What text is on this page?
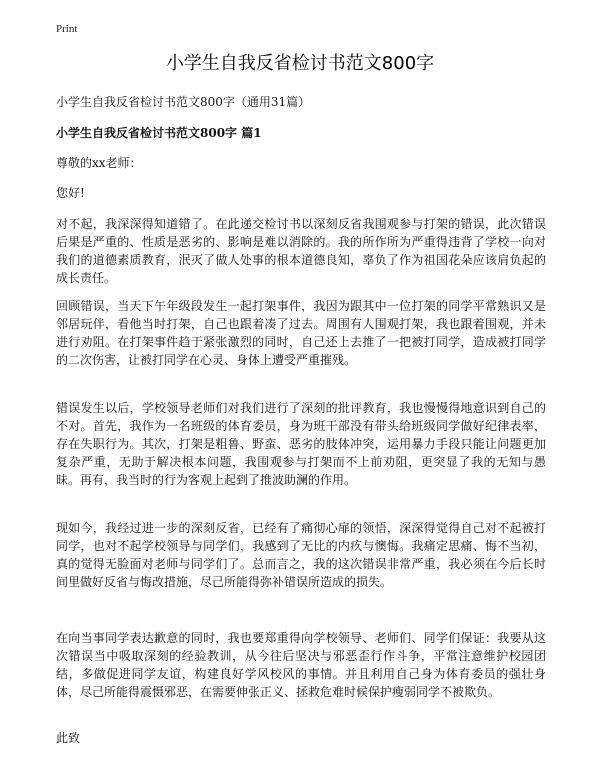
Print
小学生自我反省检讨书范文800字
小学生自我反省检讨书范文800字（通用31篇）
小学生自我反省检讨书范文800字 篇1
尊敬的xx老师：
您好!

对不起，我深深得知道错了。在此递交检讨书以深刻反省我围观参与打架的错误，此次错误后果是严重的、性质是恶劣的、影响是难以消除的。我的所作所为严重得违背了学校一向对我们的道德素质教育，泯灭了做人处事的根本道德良知，辜负了作为祖国花朵应该肩负起的成长责任。

回顾错误，当天下午年级段发生一起打架事件，我因为跟其中一位打架的同学平常熟识又是邻居玩伴，看他当时打架，自己也跟着凑了过去。周围有人围观打架，我也跟着围观，并未进行劝阻。在打架事件趋于紧张激烈的同时，自己还上去推了一把被打同学，造成被打同学的二次伤害，让被打同学在心灵、身体上遭受严重摧残。

错误发生以后，学校领导老师们对我们进行了深刻的批评教育，我也慢慢得地意识到自己的不对。首先，我作为一名班级的体育委员，身为班干部没有带头给班级同学做好纪律表率，存在失职行为。其次，打架是粗鲁、野蛮、恶劣的肢体冲突，运用暴力手段只能让问题更加复杂严重，无助于解决根本问题，我围观参与打架而不上前劝阻，更突显了我的无知与愚昧。再有，我当时的行为客观上起到了推波助澜的作用。

现如今，我经过进一步的深刻反省，已经有了痛彻心扉的领悟，深深得觉得自己对不起被打同学，也对不起学校领导与同学们，我感到了无比的内疚与懊悔。我痛定思痛、悔不当初，真的觉得无脸面对老师与同学们了。总而言之，我的这次错误非常严重，我必须在今后长时间里做好反省与悔改措施，尽己所能得弥补错误所造成的损失。

在向当事同学表达歉意的同时，我也要郑重得向学校领导、老师们、同学们保证：我要从这次错误当中吸取深刻的经验教训，从今往后坚决与邪恶歪行作斗争，平常注意维护校园团结，多做促进同学友谊，构建良好学风校风的事情。并且利用自己身为体育委员的强壮身体，尽己所能得震慑邪恶，在需要伸张正义、拯救危难时候保护瘦弱同学不被欺负。

此致
